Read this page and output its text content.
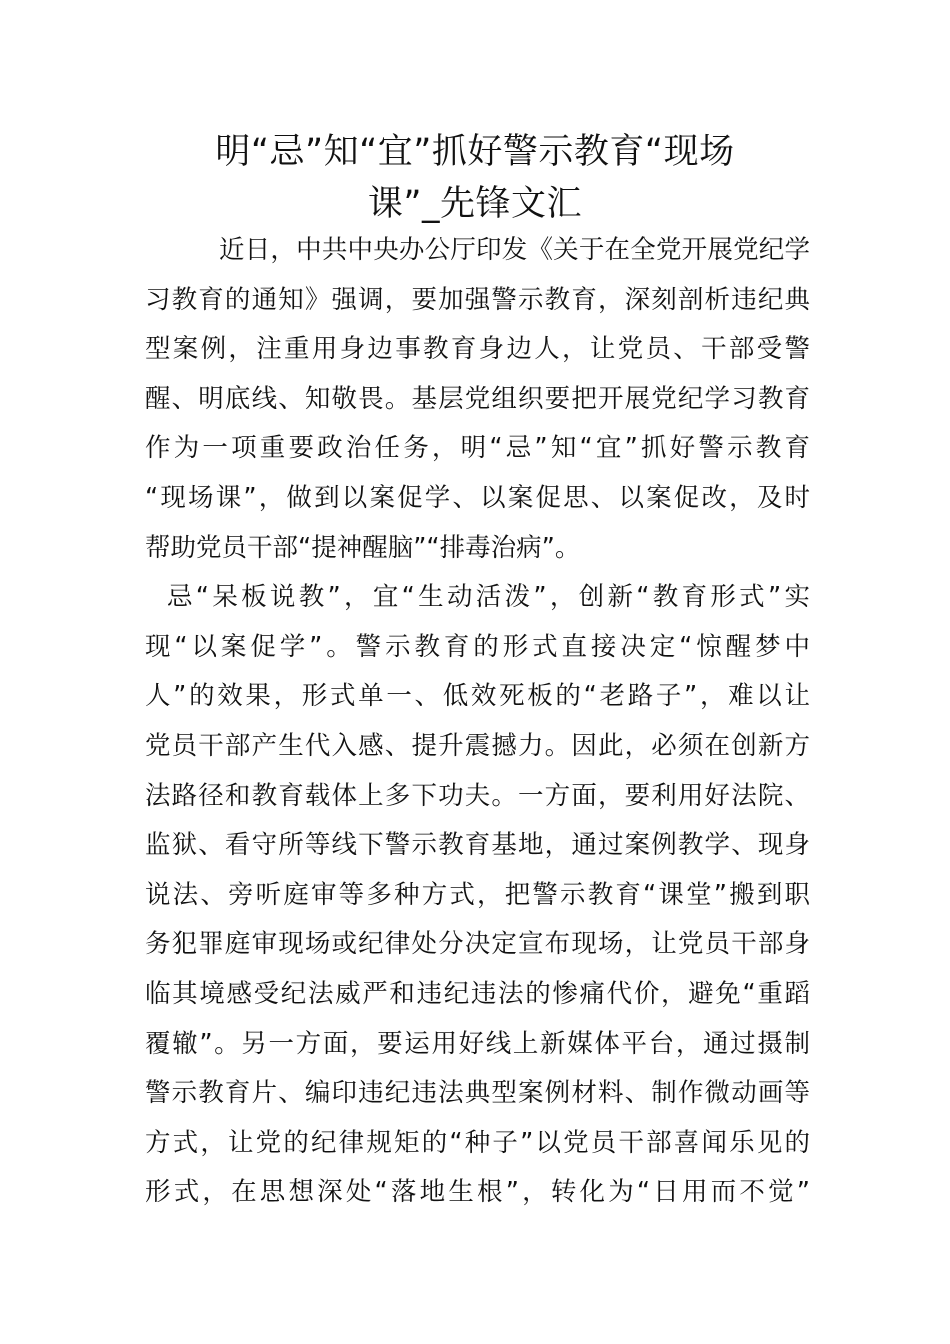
明“忌”知“宜”抓好警示教育“现场
课”_先锋文汇
近日，中共中央办公厅印发《关于在全党开展党纪学
习教育的通知》强调，要加强警示教育，深刻剖析违纪典
型案例，注重用身边事教育身边人，让党员、干部受警
醒、明底线、知敬畏。基层党组织要把开展党纪学习教育
作为一项重要政治任务，明“忌”知“宜”抓好警示教育
“现场课”，做到以案促学、以案促思、以案促改，及时
帮助党员干部“提神醒脑”“排毒治病”。
忌“呆板说教”，宜“生动活泼”，创新“教育形式”实
现“以案促学”。警示教育的形式直接决定“惊醒梦中
人”的效果，形式单一、低效死板的“老路子”，难以让
党员干部产生代入感、提升震撼力。因此，必须在创新方
法路径和教育载体上多下功夫。一方面，要利用好法院、
监狱、看守所等线下警示教育基地，通过案例教学、现身
说法、旁听庭审等多种方式，把警示教育“课堂”搬到职
务犯罪庭审现场或纪律处分决定宣布现场，让党员干部身
临其境感受纪法威严和违纪违法的惨痛代价，避免“重蹈
覆辙”。另一方面，要运用好线上新媒体平台，通过摄制
警示教育片、编印违纪违法典型案例材料、制作微动画等
方式，让党的纪律规矩的“种子”以党员干部喜闻乐见的
形式，在思想深处“落地生根”，转化为“日用而不觉”
